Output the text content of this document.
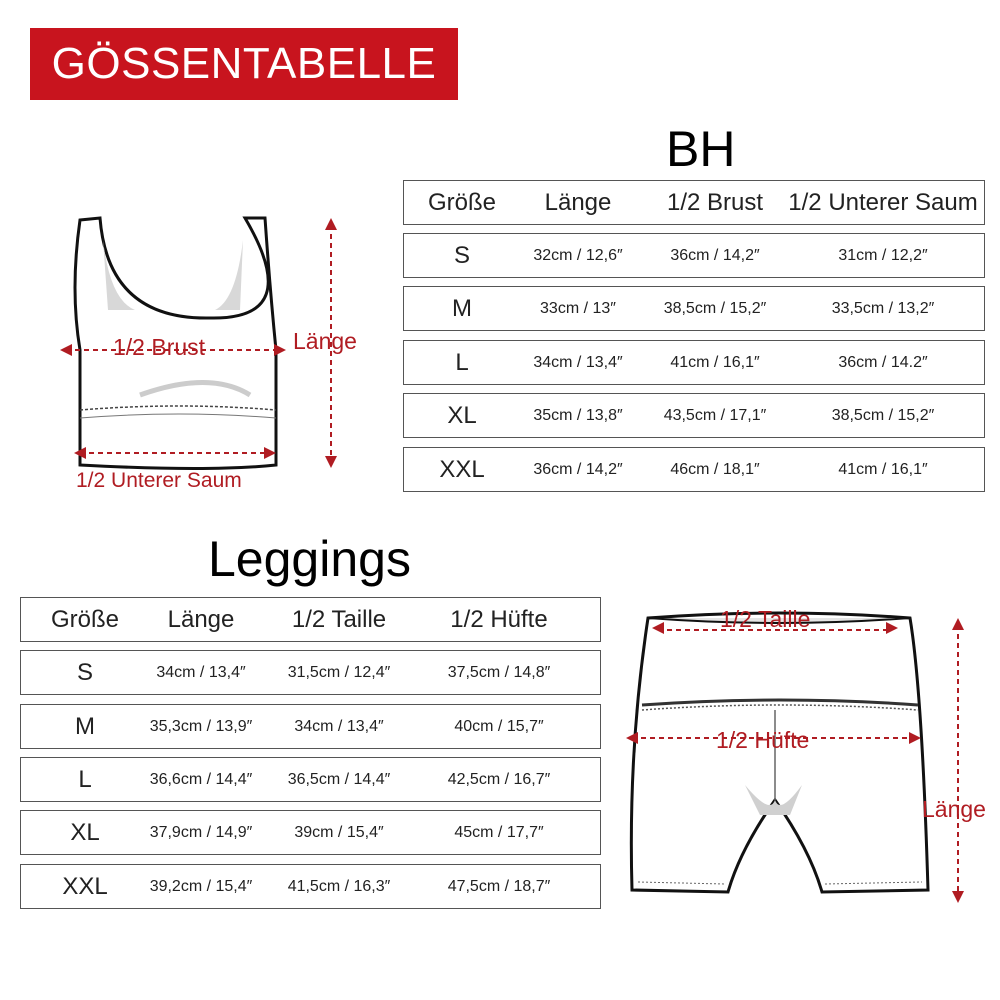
GÖSSENTABELLE
BH
Größe	Länge	1/2 Brust	1/2 Unterer Saum
S	32cm / 12,6″	36cm / 14,2″	31cm / 12,2″
M	33cm / 13″	38,5cm / 15,2″	33,5cm / 13,2″
L	34cm / 13,4″	41cm / 16,1″	36cm / 14.2″
XL	35cm / 13,8″	43,5cm / 17,1″	38,5cm / 15,2″
XXL	36cm / 14,2″	46cm / 18,1″	41cm / 16,1″
Leggings
Größe	Länge	1/2 Taille	1/2 Hüfte
S	34cm / 13,4″	31,5cm / 12,4″	37,5cm / 14,8″
M	35,3cm / 13,9″	34cm / 13,4″	40cm / 15,7″
L	36,6cm / 14,4″	36,5cm / 14,4″	42,5cm / 16,7″
XL	37,9cm / 14,9″	39cm / 15,4″	45cm / 17,7″
XXL	39,2cm / 15,4″	41,5cm / 16,3″	47,5cm / 18,7″
1/2 Brust
1/2 Unterer Saum
Länge
1/2 Taille
1/2 Hüfte
Länge
